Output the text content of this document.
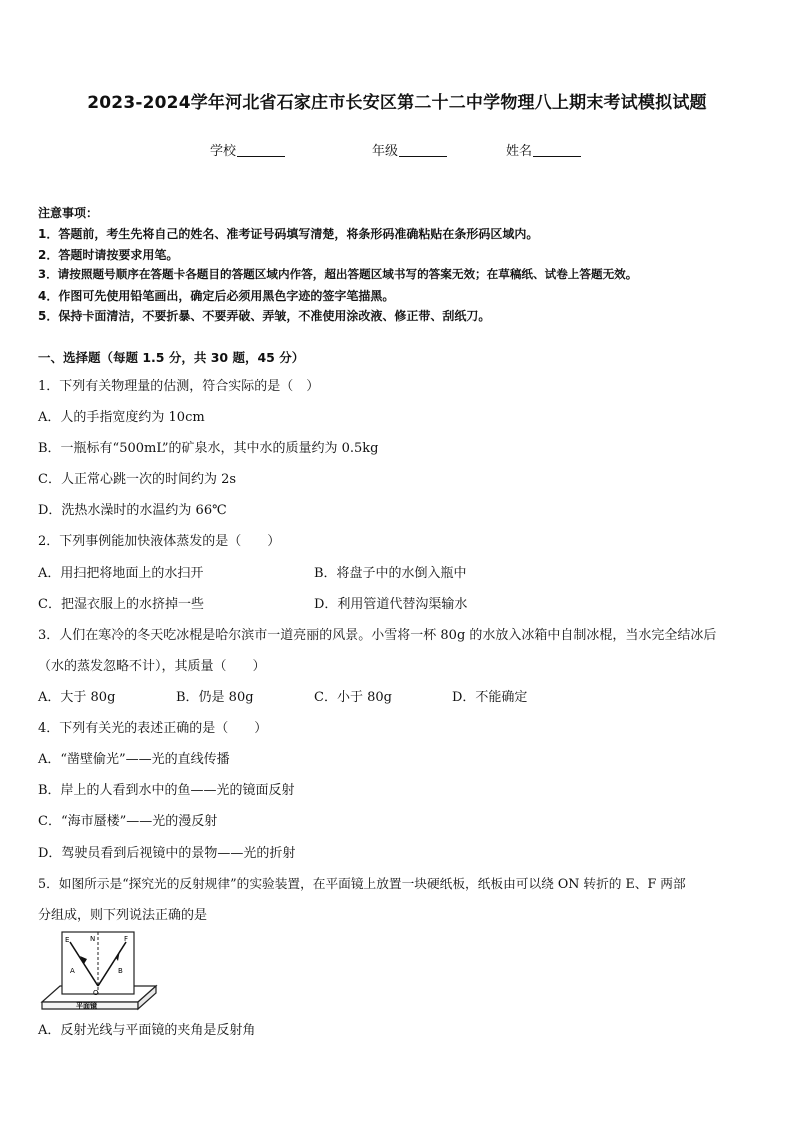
2023-2024学年河北省石家庄市长安区第二十二中学物理八上期末考试模拟试题
学校	年级	姓名
注意事项：
1．答题前，考生先将自己的姓名、准考证号码填写清楚，将条形码准确粘贴在条形码区域内。
2．答题时请按要求用笔。
3．请按照题号顺序在答题卡各题目的答题区域内作答，超出答题区域书写的答案无效；在草稿纸、试卷上答题无效。
4．作图可先使用铅笔画出，确定后必须用黑色字迹的签字笔描黑。
5．保持卡面清洁，不要折暴、不要弄破、弄皱，不准使用涂改液、修正带、刮纸刀。
一、选择题（每题 1.5 分，共 30 题，45 分）
1．下列有关物理量的估测，符合实际的是（　）
A．人的手指宽度约为 10cm
B．一瓶标有“500mL”的矿泉水，其中水的质量约为 0.5kg
C．人正常心跳一次的时间约为 2s
D．洗热水澡时的水温约为 66℃
2．下列事例能加快液体蒸发的是（　　）
A．用扫把将地面上的水扫开	B．将盘子中的水倒入瓶中
C．把湿衣服上的水挤掉一些	D．利用管道代替沟渠输水
3．人们在寒冷的冬天吃冰棍是哈尔滨市一道亮丽的风景。小雪将一杯 80g 的水放入冰箱中自制冰棍，当水完全结冰后
（水的蒸发忽略不计），其质量（　　）
A．大于 80g	B．仍是 80g	C．小于 80g	D．不能确定
4．下列有关光的表述正确的是（　　）
A．“凿壁偷光”——光的直线传播
B．岸上的人看到水中的鱼——光的镜面反射
C．“海市蜃楼”——光的漫反射
D．驾驶员看到后视镜中的景物——光的折射
5．如图所示是“探究光的反射规律”的实验装置，在平面镜上放置一块硬纸板，纸板由可以绕 ON 转折的 E、F 两部
分组成，则下列说法正确的是
E	N	F
A	B
O
平面镜
A．反射光线与平面镜的夹角是反射角
